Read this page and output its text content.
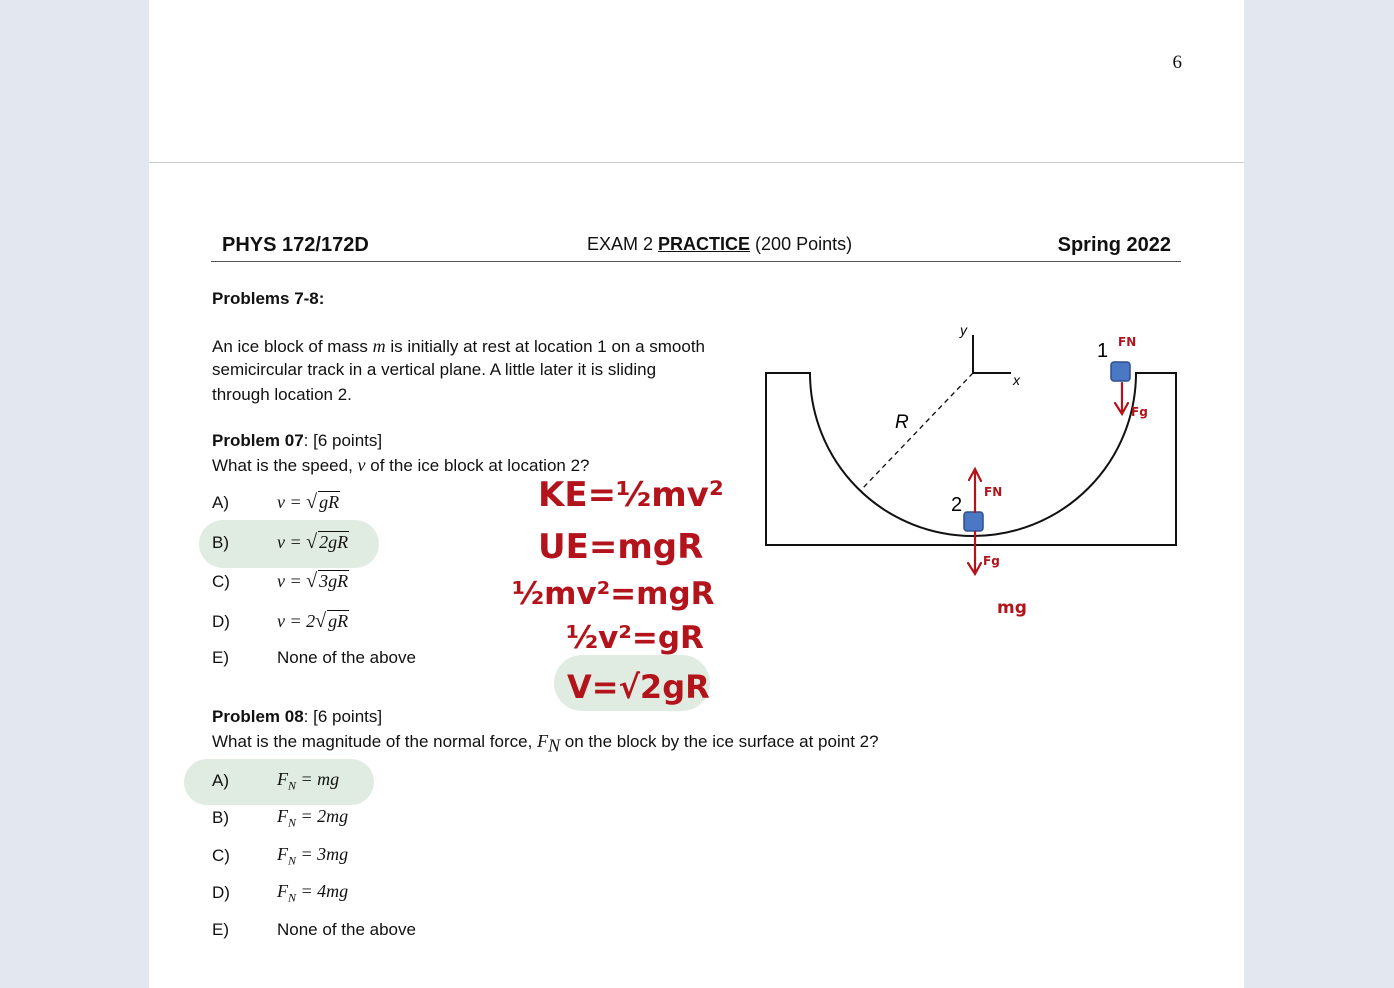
6
PHYS 172/172D	EXAM 2 PRACTICE (200 Points)	Spring 2022
Problems 7-8:
An ice block of mass m is initially at rest at location 1 on a smooth
semicircular track in a vertical plane. A little later it is sliding
through location 2.
Problem 07: [6 points]
What is the speed, v of the ice block at location 2?
A)	v = √ gR
B)	v = √ 2gR
C)	v = √ 3gR
D)	v = 2√ gR
E)	None of the above
Problem 08: [6 points]
What is the magnitude of the normal force, $F_N$ on the block by the ice surface at point 2?
A)	$F_N$ = mg
B)	$F_N = 2mg$
C)	$F_N = 3mg$
D)	$F_N = 4mg$
E)	None of the above
y
x
R
1
2
FN
Fg
FN
Fg
mg
KE=½mv²
UE=mgR
½mv²=mgR
½v²=gR
V=√2gR
